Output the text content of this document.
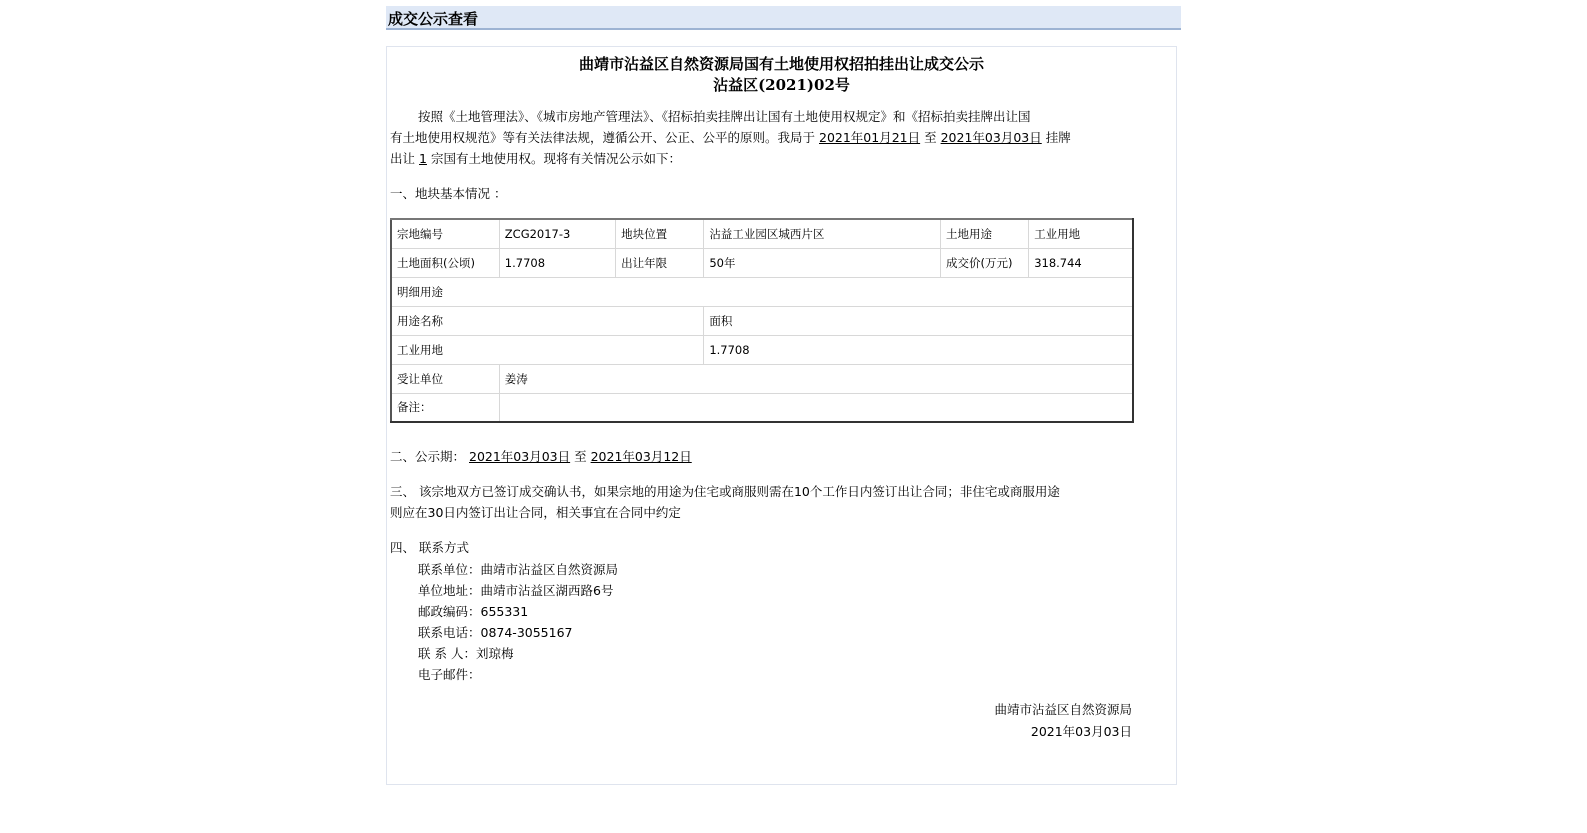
成交公示查看
曲靖市沾益区自然资源局国有土地使用权招拍挂出让成交公示
沾益区(2021)02号
按照《土地管理法》、《城市房地产管理法》、《招标拍卖挂牌出让国有土地使用权规定》和《招标拍卖挂牌出让国
有土地使用权规范》等有关法律法规，遵循公开、公正、公平的原则。我局于 2021年01月21日 至 2021年03月03日 挂牌
出让 1 宗国有土地使用权。现将有关情况公示如下：
一、地块基本情况 ：
宗地编号	ZCG2017-3	地块位置	沾益工业园区城西片区	土地用途	工业用地
土地面积(公顷)	1.7708	出让年限	50年	成交价(万元)	318.744
明细用途					
用途名称			面积		
工业用地			1.7708		
受让单位	姜涛				
备注：					
二、公示期： 2021年03月03日 至 2021年03月12日
三、 该宗地双方已签订成交确认书，如果宗地的用途为住宅或商服则需在10个工作日内签订出让合同；非住宅或商服用途
则应在30日内签订出让合同，相关事宜在合同中约定
四、 联系方式
联系单位：曲靖市沾益区自然资源局
单位地址：曲靖市沾益区湖西路6号
邮政编码：655331
联系电话：0874-3055167
联 系 人：刘琼梅
电子邮件：
曲靖市沾益区自然资源局
2021年03月03日
